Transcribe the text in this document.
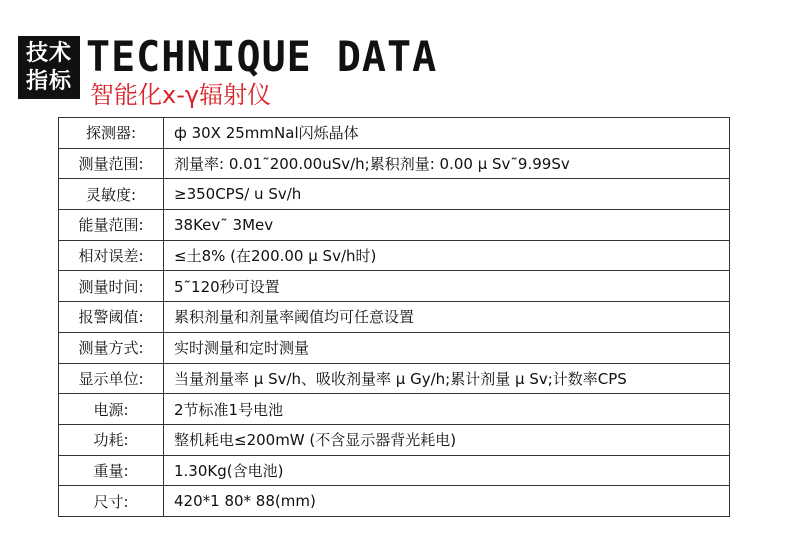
技术
指标 TECHNIQUE DATA
智能化x-γ辐射仪
探测器:	ф 30X 25mmNal闪烁晶体
测量范围:	剂量率: 0.01˜200.00uSv/h;累积剂量: 0.00 μ Sv˜9.99Sv
灵敏度:	≥350CPS/ u Sv/h
能量范围:	38Kev˜ 3Mev
相对误差:	≤土8% (在200.00 μ Sv/h时)
测量时间:	5˜120秒可设置
报警阈值:	累积剂量和剂量率阈值均可任意设置
测量方式:	实时测量和定时测量
显示单位:	当量剂量率 μ Sv/h、吸收剂量率 μ Gy/h;累计剂量 μ Sv;计数率CPS
电源:	2节标准1号电池
功耗:	整机耗电≤200mW (不含显示器背光耗电)
重量:	1.30Kg(含电池)
尺寸:	420*1 80* 88(mm)
